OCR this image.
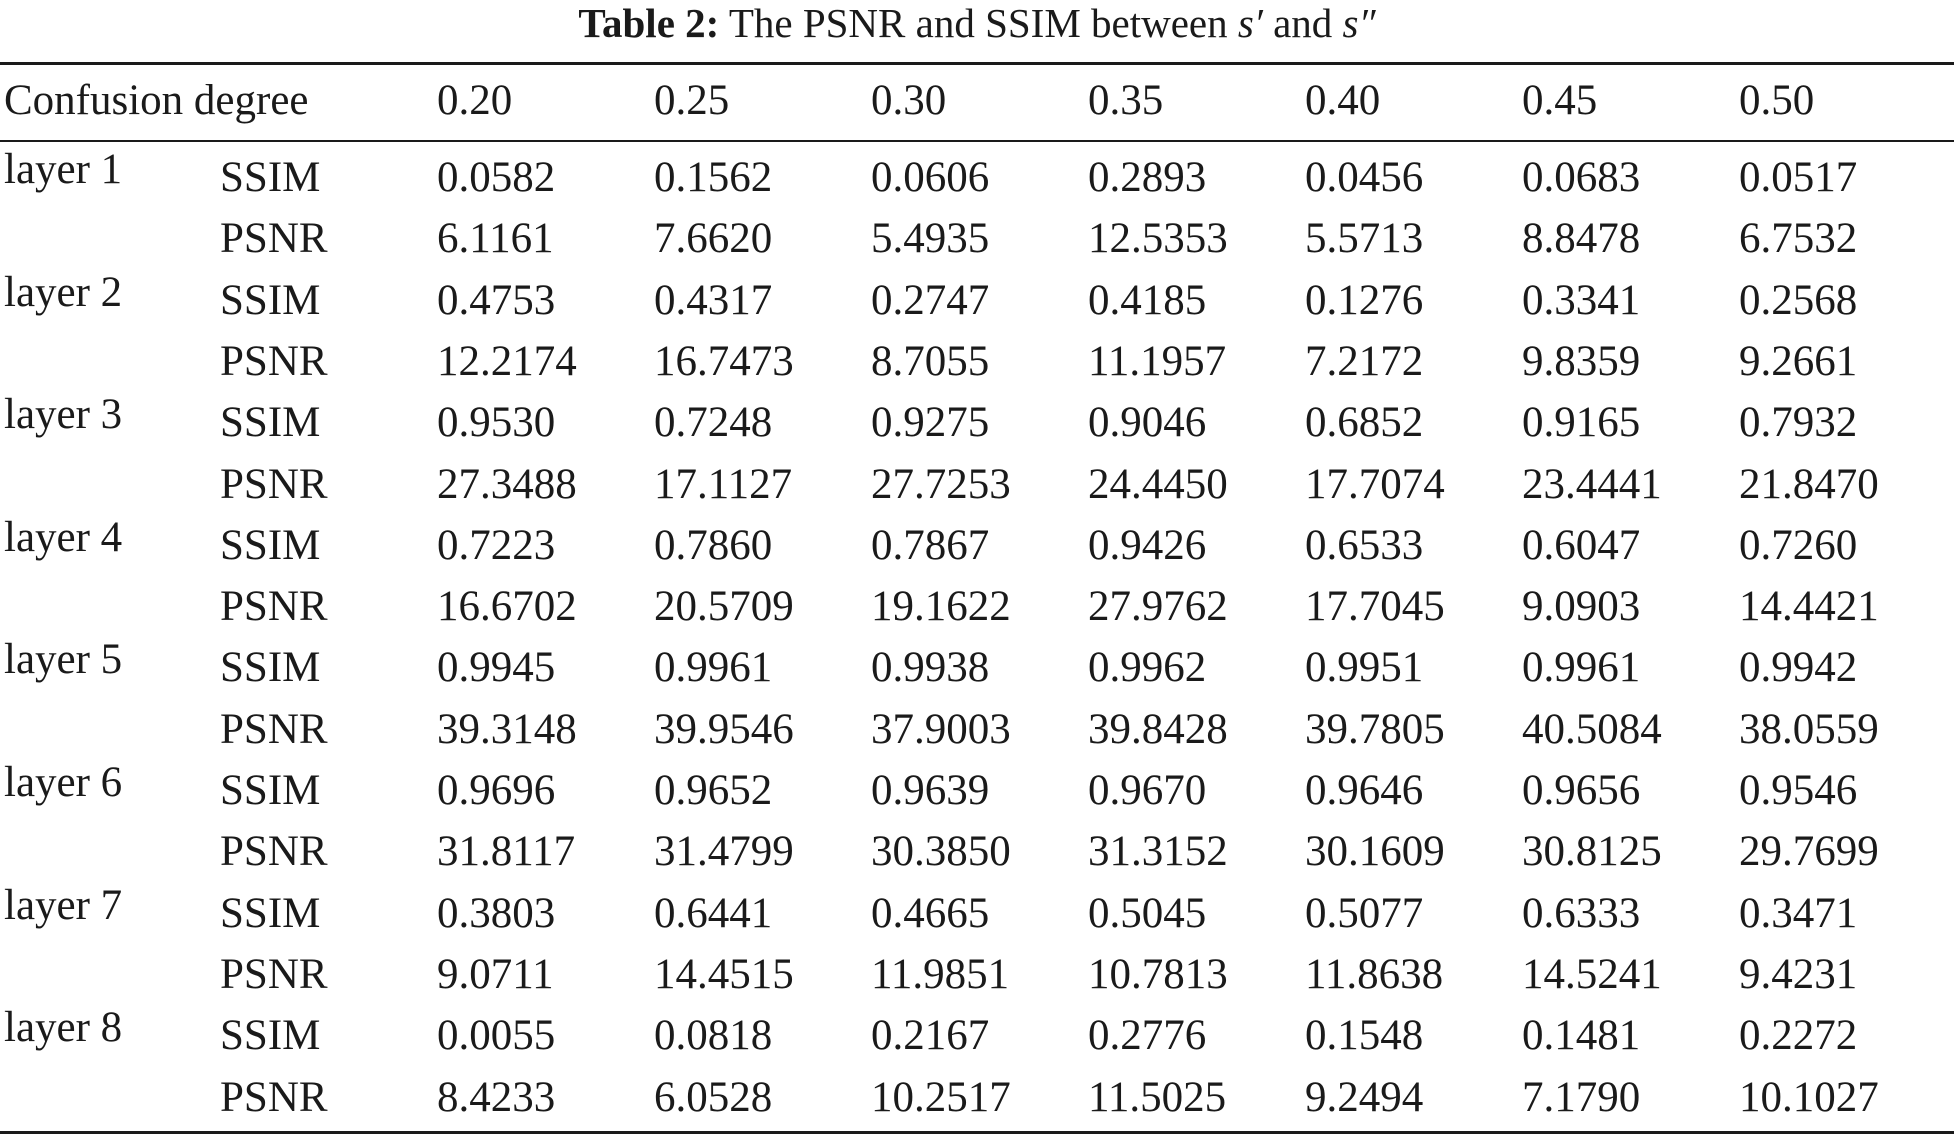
Table 2: The PSNR and SSIM between s′ and s″
Confusion degree	0.20	0.25	0.30	0.35	0.40	0.45	0.50
layer 1 SSIM	0.0582 0.1562 0.0606 0.2893 0.0456 0.0683 0.0517
PSNR	6.1161 7.6620 5.4935 12.5353 5.5713 8.8478 6.7532
layer 2 SSIM	0.4753 0.4317 0.2747 0.4185 0.1276 0.3341 0.2568
PSNR	12.2174 16.7473 8.7055 11.1957 7.2172 9.8359 9.2661
layer 3 SSIM	0.9530 0.7248 0.9275 0.9046 0.6852 0.9165 0.7932
PSNR	27.3488 17.1127 27.7253 24.4450 17.7074 23.4441 21.8470
layer 4 SSIM	0.7223 0.7860 0.7867 0.9426 0.6533 0.6047 0.7260
PSNR	16.6702 20.5709 19.1622 27.9762 17.7045 9.0903 14.4421
layer 5 SSIM	0.9945 0.9961 0.9938 0.9962 0.9951 0.9961 0.9942
PSNR	39.3148 39.9546 37.9003 39.8428 39.7805 40.5084 38.0559
layer 6 SSIM	0.9696 0.9652 0.9639 0.9670 0.9646 0.9656 0.9546
PSNR	31.8117 31.4799 30.3850 31.3152 30.1609 30.8125 29.7699
layer 7 SSIM	0.3803 0.6441 0.4665 0.5045 0.5077 0.6333 0.3471
PSNR	9.0711 14.4515 11.9851 10.7813 11.8638 14.5241 9.4231
layer 8 SSIM	0.0055 0.0818 0.2167 0.2776 0.1548 0.1481 0.2272
PSNR	8.4233 6.0528 10.2517 11.5025 9.2494 7.1790 10.1027
